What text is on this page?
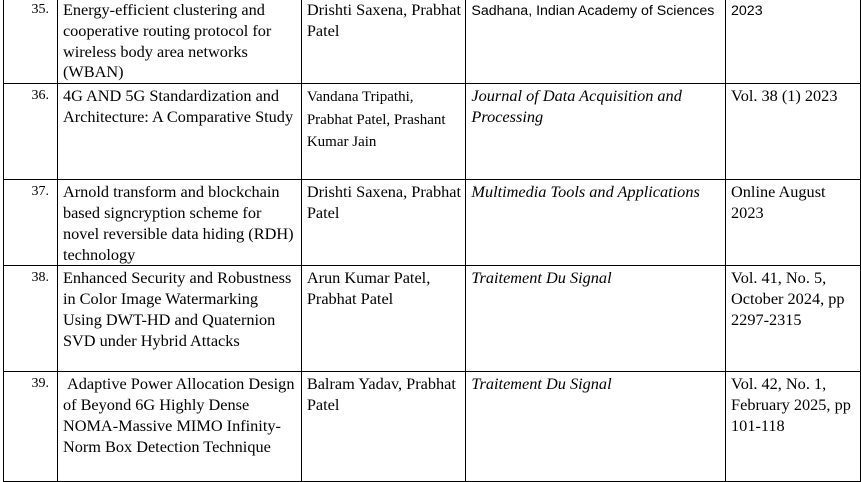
35.	Energy-efficient clustering and cooperative routing protocol for wireless body area networks (WBAN)	Drishti Saxena, Prabhat Patel	Sadhana, Indian Academy of Sciences	2023
36.	4G AND 5G Standardization and Architecture: A Comparative Study	Vandana Tripathi, Prabhat Patel, Prashant Kumar Jain	Journal of Data Acquisition and Processing	Vol. 38 (1) 2023
37.	Arnold transform and blockchain based signcryption scheme for novel reversible data hiding (RDH) technology	Drishti Saxena, Prabhat Patel	Multimedia Tools and Applications	Online August 2023
38.	Enhanced Security and Robustness in Color Image Watermarking Using DWT-HD and Quaternion SVD under Hybrid Attacks	Arun Kumar Patel, Prabhat Patel	Traitement Du Signal	Vol. 41, No. 5, October 2024, pp 2297-2315
39.	Adaptive Power Allocation Design of Beyond 6G Highly Dense NOMA-Massive MIMO Infinity-Norm Box Detection Technique	Balram Yadav, Prabhat Patel	Traitement Du Signal	Vol. 42, No. 1, February 2025, pp 101-118
